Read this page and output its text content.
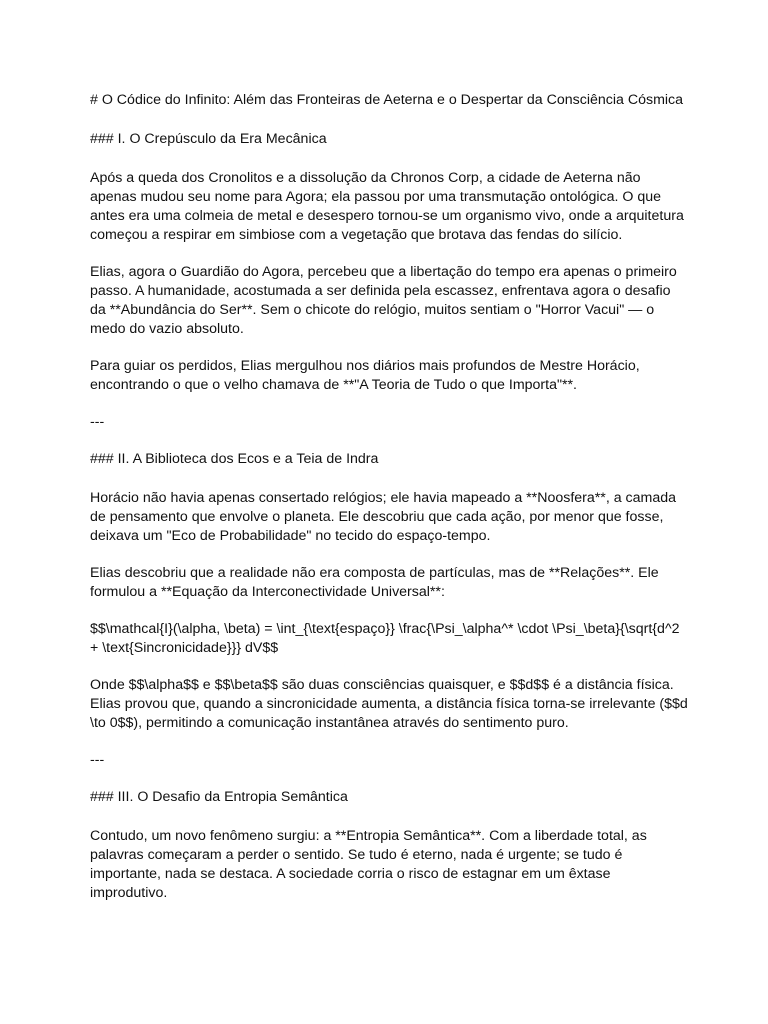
# O Códice do Infinito: Além das Fronteiras de Aeterna e o Despertar da Consciência Cósmica

### I. O Crepúsculo da Era Mecânica

Após a queda dos Cronolitos e a dissolução da Chronos Corp, a cidade de Aeterna não apenas mudou seu nome para Agora; ela passou por uma transmutação ontológica. O que antes era uma colmeia de metal e desespero tornou-se um organismo vivo, onde a arquitetura começou a respirar em simbiose com a vegetação que brotava das fendas do silício.

Elias, agora o Guardião do Agora, percebeu que a libertação do tempo era apenas o primeiro passo. A humanidade, acostumada a ser definida pela escassez, enfrentava agora o desafio da **Abundância do Ser**. Sem o chicote do relógio, muitos sentiam o "Horror Vacui" — o medo do vazio absoluto.

Para guiar os perdidos, Elias mergulhou nos diários mais profundos de Mestre Horácio, encontrando o que o velho chamava de **"A Teoria de Tudo o que Importa"**.

---

### II. A Biblioteca dos Ecos e a Teia de Indra

Horácio não havia apenas consertado relógios; ele havia mapeado a **Noosfera**, a camada de pensamento que envolve o planeta. Ele descobriu que cada ação, por menor que fosse, deixava um "Eco de Probabilidade" no tecido do espaço-tempo.

Elias descobriu que a realidade não era composta de partículas, mas de **Relações**. Ele formulou a **Equação da Interconectividade Universal**:

$$\mathcal{I}(\alpha, \beta) = \int_{\text{espaço}} \frac{\Psi_\alpha^* \cdot \Psi_\beta}{\sqrt{d^2 + \text{Sincronicidade}}} dV$$

Onde $$\alpha$$ e $$\beta$$ são duas consciências quaisquer, e $$d$$ é a distância física. Elias provou que, quando a sincronicidade aumenta, a distância física torna-se irrelevante ($$d \to 0$$), permitindo a comunicação instantânea através do sentimento puro.

---

### III. O Desafio da Entropia Semântica

Contudo, um novo fenômeno surgiu: a **Entropia Semântica**. Com a liberdade total, as palavras começaram a perder o sentido. Se tudo é eterno, nada é urgente; se tudo é importante, nada se destaca. A sociedade corria o risco de estagnar em um êxtase improdutivo.
